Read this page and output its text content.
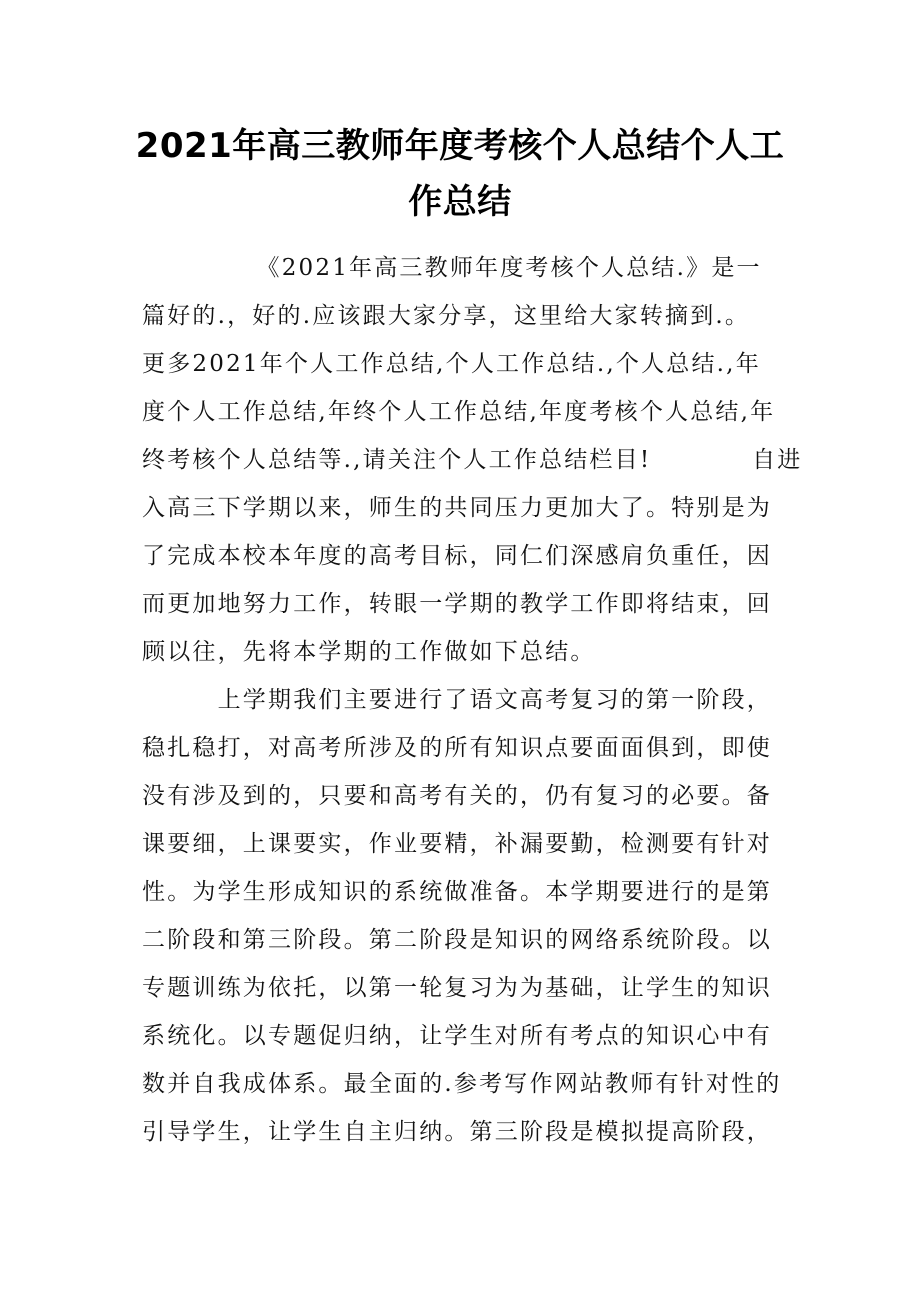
2021年高三教师年度考核个人总结个人工
作总结
　　　　　《2021年高三教师年度考核个人总结.》是一
篇好的.，好的.应该跟大家分享，这里给大家转摘到.。
更多2021年个人工作总结,个人工作总结.,个人总结.,年
度个人工作总结,年终个人工作总结,年度考核个人总结,年
终考核个人总结等.,请关注个人工作总结栏目!　　　　自进
入高三下学期以来，师生的共同压力更加大了。特别是为
了完成本校本年度的高考目标，同仁们深感肩负重任，因
而更加地努力工作，转眼一学期的教学工作即将结束，回
顾以往，先将本学期的工作做如下总结。
　　　上学期我们主要进行了语文高考复习的第一阶段，
稳扎稳打，对高考所涉及的所有知识点要面面俱到，即使
没有涉及到的，只要和高考有关的，仍有复习的必要。备
课要细，上课要实，作业要精，补漏要勤，检测要有针对
性。为学生形成知识的系统做准备。本学期要进行的是第
二阶段和第三阶段。第二阶段是知识的网络系统阶段。以
专题训练为依托，以第一轮复习为为基础，让学生的知识
系统化。以专题促归纳，让学生对所有考点的知识心中有
数并自我成体系。最全面的.参考写作网站教师有针对性的
引导学生，让学生自主归纳。第三阶段是模拟提高阶段，
